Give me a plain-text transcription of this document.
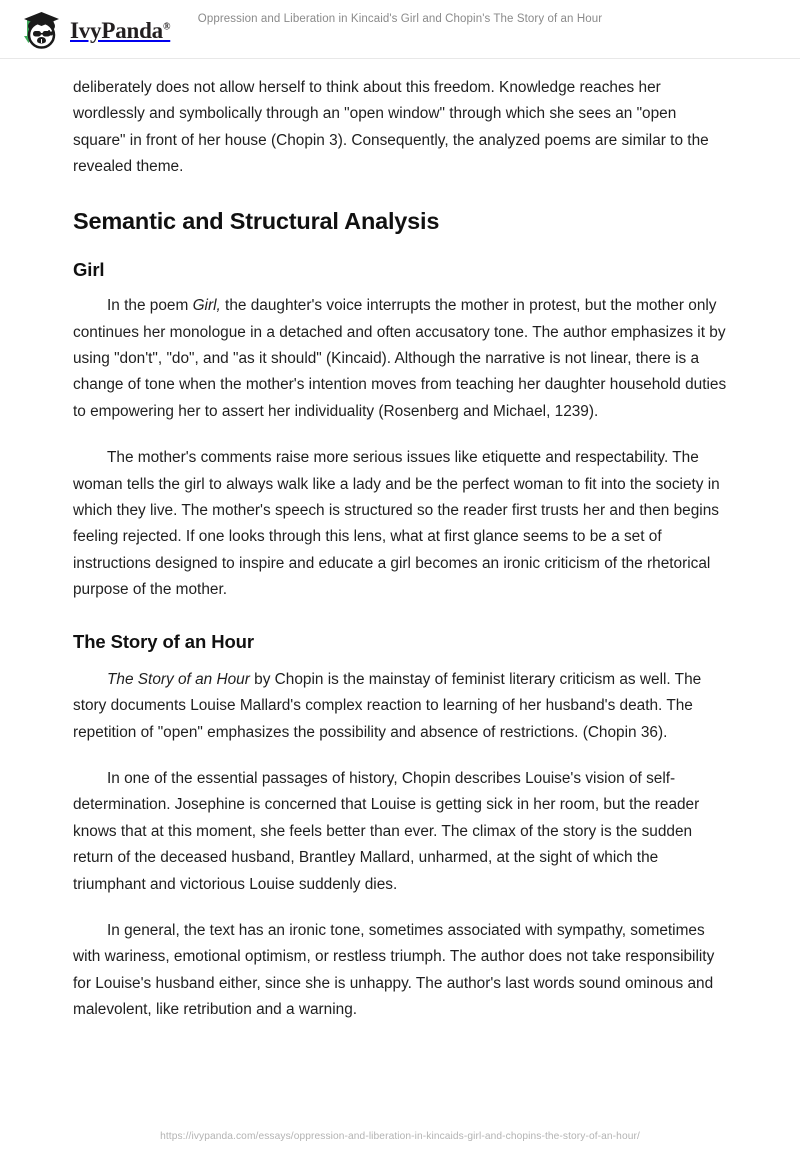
IvyPanda®
Oppression and Liberation in Kincaid's Girl and Chopin's The Story of an Hour

deliberately does not allow herself to think about this freedom. Knowledge reaches her wordlessly and symbolically through an "open window" through which she sees an "open square" in front of her house (Chopin 3). Consequently, the analyzed poems are similar to the revealed theme.

Semantic and Structural Analysis
Girl

In the poem Girl, the daughter's voice interrupts the mother in protest, but the mother only continues her monologue in a detached and often accusatory tone. The author emphasizes it by using "don't", "do", and "as it should" (Kincaid). Although the narrative is not linear, there is a change of tone when the mother's intention moves from teaching her daughter household duties to empowering her to assert her individuality (Rosenberg and Michael, 1239).

The mother's comments raise more serious issues like etiquette and respectability. The woman tells the girl to always walk like a lady and be the perfect woman to fit into the society in which they live. The mother's speech is structured so the reader first trusts her and then begins feeling rejected. If one looks through this lens, what at first glance seems to be a set of instructions designed to inspire and educate a girl becomes an ironic criticism of the rhetorical purpose of the mother.

The Story of an Hour

The Story of an Hour by Chopin is the mainstay of feminist literary criticism as well. The story documents Louise Mallard's complex reaction to learning of her husband's death. The repetition of "open" emphasizes the possibility and absence of restrictions. (Chopin 36).

In one of the essential passages of history, Chopin describes Louise's vision of self-determination. Josephine is concerned that Louise is getting sick in her room, but the reader knows that at this moment, she feels better than ever. The climax of the story is the sudden return of the deceased husband, Brantley Mallard, unharmed, at the sight of which the triumphant and victorious Louise suddenly dies.

In general, the text has an ironic tone, sometimes associated with sympathy, sometimes with wariness, emotional optimism, or restless triumph. The author does not take responsibility for Louise's husband either, since she is unhappy. The author's last words sound ominous and malevolent, like retribution and a warning.

https://ivypanda.com/essays/oppression-and-liberation-in-kincaids-girl-and-chopins-the-story-of-an-hour/
